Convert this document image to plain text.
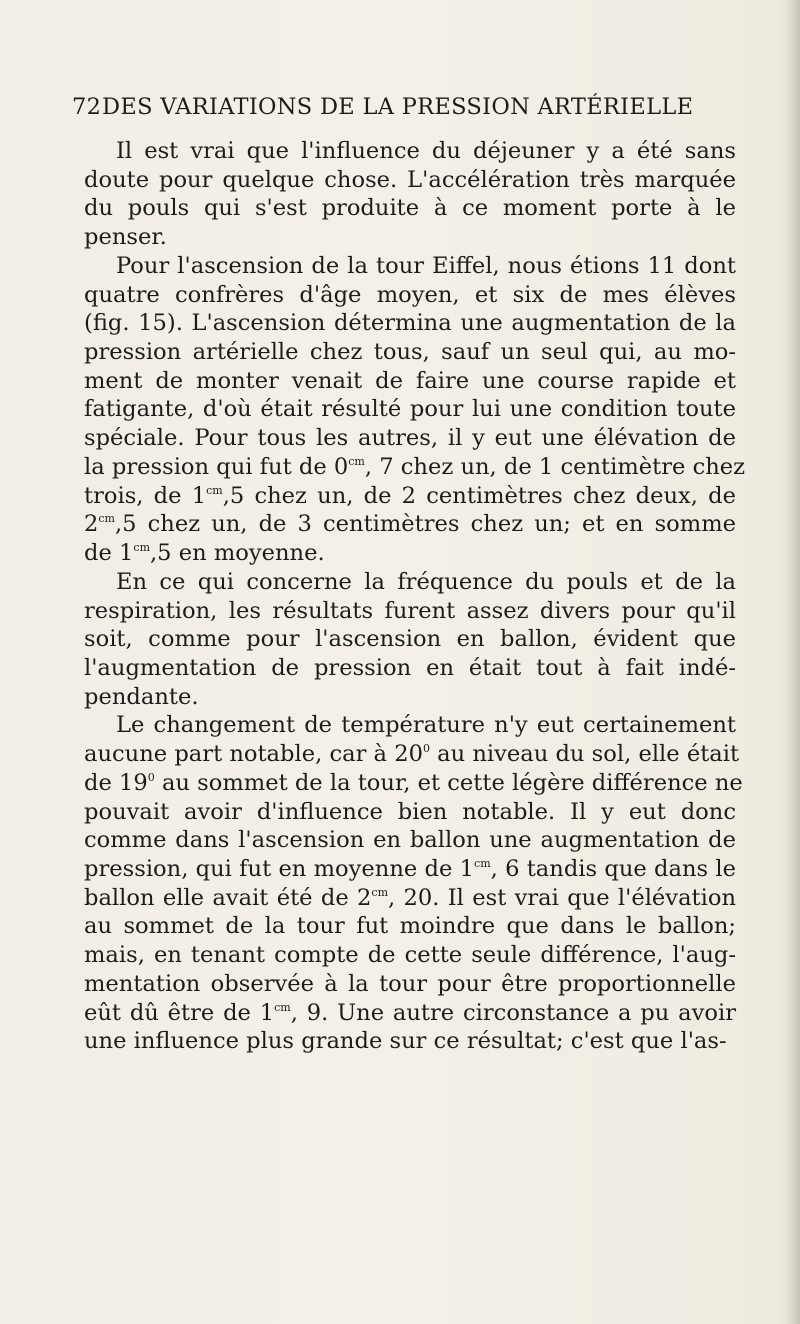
72 DES VARIATIONS DE LA PRESSION ARTÉRIELLE
Il est vrai que l'influence du déjeuner y a été sans
doute pour quelque chose. L'accélération très marquée
du pouls qui s'est produite à ce moment porte à le
penser.
Pour l'ascension de la tour Eiffel, nous étions 11 dont
quatre confrères d'âge moyen, et six de mes élèves
(fig. 15). L'ascension détermina une augmentation de la
pression artérielle chez tous, sauf un seul qui, au mo-
ment de monter venait de faire une course rapide et
fatigante, d'où était résulté pour lui une condition toute
spéciale. Pour tous les autres, il y eut une élévation de
la pression qui fut de $0^{cm}$, 7 chez un, de 1 centimètre chez
trois, de $1^{cm},5$ chez un, de 2 centimètres chez deux, de
$2^{cm},5$ chez un, de 3 centimètres chez un; et en somme
de $1^{cm},5$ en moyenne.
En ce qui concerne la fréquence du pouls et de la
respiration, les résultats furent assez divers pour qu'il
soit, comme pour l'ascension en ballon, évident que
l'augmentation de pression en était tout à fait indé-
pendante.
Le changement de température n'y eut certainement
aucune part notable, car à $20^0$ au niveau du sol, elle était
de $19^0$ au sommet de la tour, et cette légère différence ne
pouvait avoir d'influence bien notable. Il y eut donc
comme dans l'ascension en ballon une augmentation de
pression, qui fut en moyenne de $1^{cm}$, 6 tandis que dans le
ballon elle avait été de $2^{cm}$, 20. Il est vrai que l'élévation
au sommet de la tour fut moindre que dans le ballon;
mais, en tenant compte de cette seule différence, l'aug-
mentation observée à la tour pour être proportionnelle
eût dû être de $1^{cm}$, 9. Une autre circonstance a pu avoir
une influence plus grande sur ce résultat; c'est que l'as-
